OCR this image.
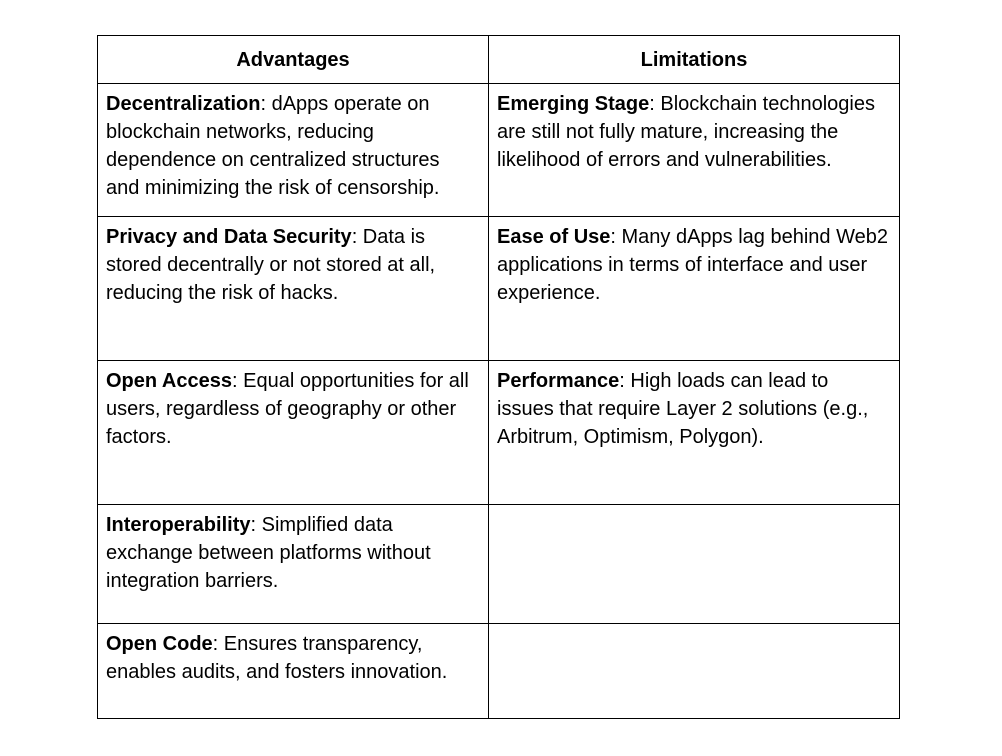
Advantages	Limitations
Decentralization: dApps operate on blockchain networks, reducing dependence on centralized structures and minimizing the risk of censorship.	Emerging Stage: Blockchain technologies are still not fully mature, increasing the likelihood of errors and vulnerabilities.
Privacy and Data Security: Data is stored decentrally or not stored at all, reducing the risk of hacks.	Ease of Use: Many dApps lag behind Web2 applications in terms of interface and user experience.
Open Access: Equal opportunities for all users, regardless of geography or other factors.	Performance: High loads can lead to issues that require Layer 2 solutions (e.g., Arbitrum, Optimism, Polygon).
Interoperability: Simplified data exchange between platforms without integration barriers.	
Open Code: Ensures transparency, enables audits, and fosters innovation.	
